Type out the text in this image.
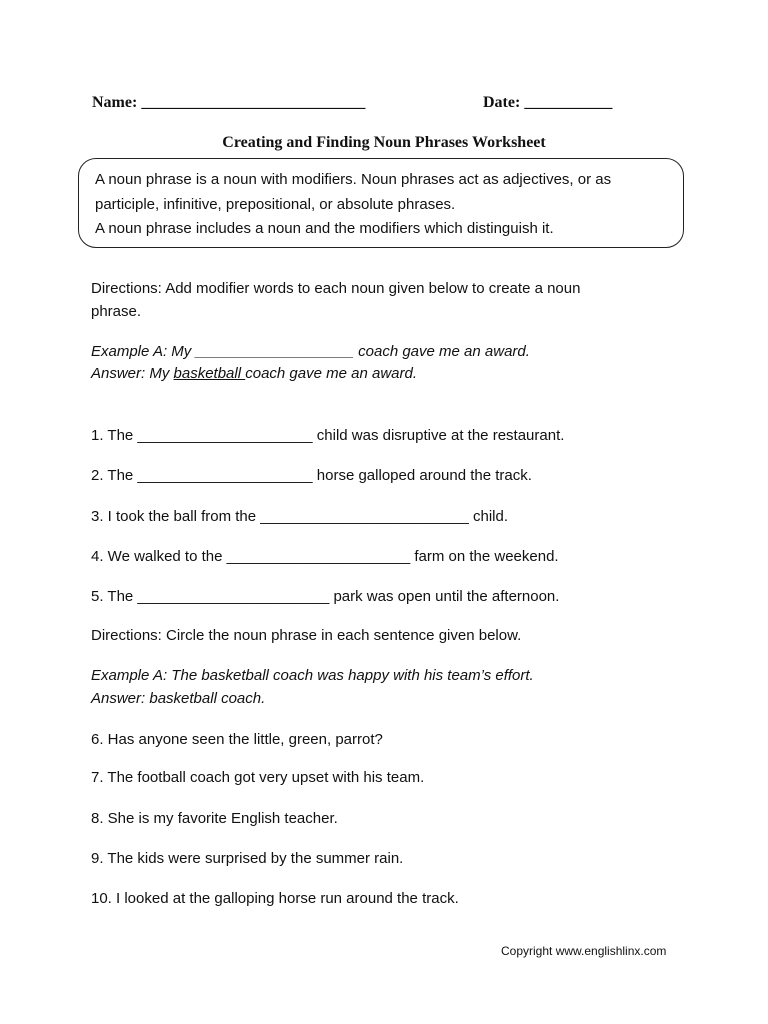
Name: ____________________________	Date: ___________
Creating and Finding Noun Phrases Worksheet
A noun phrase is a noun with modifiers. Noun phrases act as adjectives, or as
participle, infinitive, prepositional, or absolute phrases.
A noun phrase includes a noun and the modifiers which distinguish it.
Directions: Add modifier words to each noun given below to create a noun
phrase.
Example A: My ___________________ coach gave me an award.
Answer: My basketball coach gave me an award.
1. The _____________________ child was disruptive at the restaurant.
2. The _____________________ horse galloped around the track.
3. I took the ball from the _________________________ child.
4. We walked to the ______________________ farm on the weekend.
5. The _______________________ park was open until the afternoon.
Directions: Circle the noun phrase in each sentence given below.
Example A: The basketball coach was happy with his team’s effort.
Answer: basketball coach.
6. Has anyone seen the little, green, parrot?
7. The football coach got very upset with his team.
8. She is my favorite English teacher.
9. The kids were surprised by the summer rain.
10. I looked at the galloping horse run around the track.
Copyright www.englishlinx.com
